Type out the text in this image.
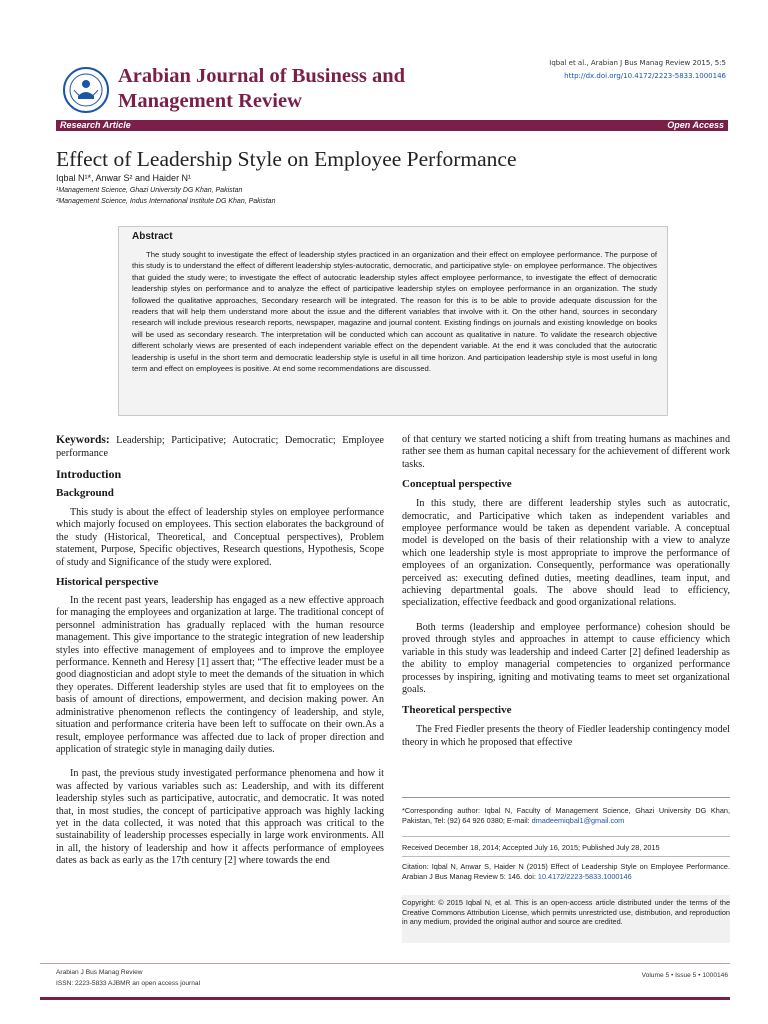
Arabian Journal of Business and Management Review
Iqbal et al., Arabian J Bus Manag Review 2015, 5:5
http://dx.doi.org/10.4172/2223-5833.1000146
Research Article	Open Access
Effect of Leadership Style on Employee Performance
Iqbal N¹*, Anwar S² and Haider N¹
¹Management Science, Ghazi University DG Khan, Pakistan
²Management Science, Indus International Institute DG Khan, Pakistan
Abstract
The study sought to investigate the effect of leadership styles practiced in an organization and their effect on employee performance. The purpose of this study is to understand the effect of different leadership styles-autocratic, democratic, and participative style- on employee performance. The objectives that guided the study were; to investigate the effect of autocratic leadership styles affect employee performance, to investigate the effect of democratic leadership styles on performance and to analyze the effect of participative leadership styles on employee performance in an organization. The study followed the qualitative approaches, Secondary research will be integrated. The reason for this is to be able to provide adequate discussion for the readers that will help them understand more about the issue and the different variables that involve with it. On the other hand, sources in secondary research will include previous research reports, newspaper, magazine and journal content. Existing findings on journals and existing knowledge on books will be used as secondary research. The interpretation will be conducted which can account as qualitative in nature. To validate the research objective different scholarly views are presented of each independent variable effect on the dependent variable. At the end it was concluded that the autocratic leadership is useful in the short term and democratic leadership style is useful in all time horizon. And participation leadership style is most useful in long term and effect on employees is positive. At end some recommendations are discussed.
Keywords: Leadership; Participative; Autocratic; Democratic; Employee performance
Introduction
Background

This study is about the effect of leadership styles on employee performance which majorly focused on employees. This section elaborates the background of the study (Historical, Theoretical, and Conceptual perspectives), Problem statement, Purpose, Specific objectives, Research questions, Hypothesis, Scope of study and Significance of the study were explored.

Historical perspective

In the recent past years, leadership has engaged as a new effective approach for managing the employees and organization at large. The traditional concept of personnel administration has gradually replaced with the human resource management. This give importance to the strategic integration of new leadership styles into effective management of employees and to improve the employee performance. Kenneth and Heresy [1] assert that; “The effective leader must be a good diagnostician and adopt style to meet the demands of the situation in which they operates. Different leadership styles are used that fit to employees on the basis of amount of directions, empowerment, and decision making power. An administrative phenomenon reflects the contingency of leadership, and style, situation and performance criteria have been left to suffocate on their own.As a result, employee performance was affected due to lack of proper direction and application of strategic style in managing daily duties.

In past, the previous study investigated performance phenomena and how it was affected by various variables such as: Leadership, and with its different leadership styles such as participative, autocratic, and democratic. It was noted that, in most studies, the concept of participative approach was highly lacking yet in the data collected, it was noted that this approach was critical to the sustainability of leadership processes especially in large work environments. All in all, the history of leadership and how it affects performance of employees dates as back as early as the 17th century [2] where towards the end

of that century we started noticing a shift from treating humans as machines and rather see them as human capital necessary for the achievement of different work tasks.

Conceptual perspective

In this study, there are different leadership styles such as autocratic, democratic, and Participative which taken as independent variables and employee performance would be taken as dependent variable. A conceptual model is developed on the basis of their relationship with a view to analyze which one leadership style is most appropriate to improve the performance of employees of an organization. Consequently, performance was operationally perceived as: executing defined duties, meeting deadlines, team input, and achieving departmental goals. The above should lead to efficiency, specialization, effective feedback and good organizational relations.

Both terms (leadership and employee performance) cohesion should be proved through styles and approaches in attempt to cause efficiency which variable in this study was leadership and indeed Carter [2] defined leadership as the ability to employ managerial competencies to organized performance processes by inspiring, igniting and motivating teams to meet set organizational goals.

Theoretical perspective

The Fred Fiedler presents the theory of Fiedler leadership contingency model theory in which he proposed that effective

*Corresponding author: Iqbal N, Faculty of Management Science, Ghazi University DG Khan, Pakistan, Tel: (92) 64 926 0380; E-mail: dmadeemiqbal1@gmail.com
Received December 18, 2014; Accepted July 16, 2015; Published July 28, 2015
Citation: Iqbal N, Anwar S, Haider N (2015) Effect of Leadership Style on Employee Performance. Arabian J Bus Manag Review 5: 146. doi: 10.4172/2223-5833.1000146
Copyright: © 2015 Iqbal N, et al. This is an open-access article distributed under the terms of the Creative Commons Attribution License, which permits unrestricted use, distribution, and reproduction in any medium, provided the original author and source are credited.
Arabian J Bus Manag Review
ISSN: 2223-5833 AJBMR an open access journal
Volume 5 • Issue 5 • 1000146
